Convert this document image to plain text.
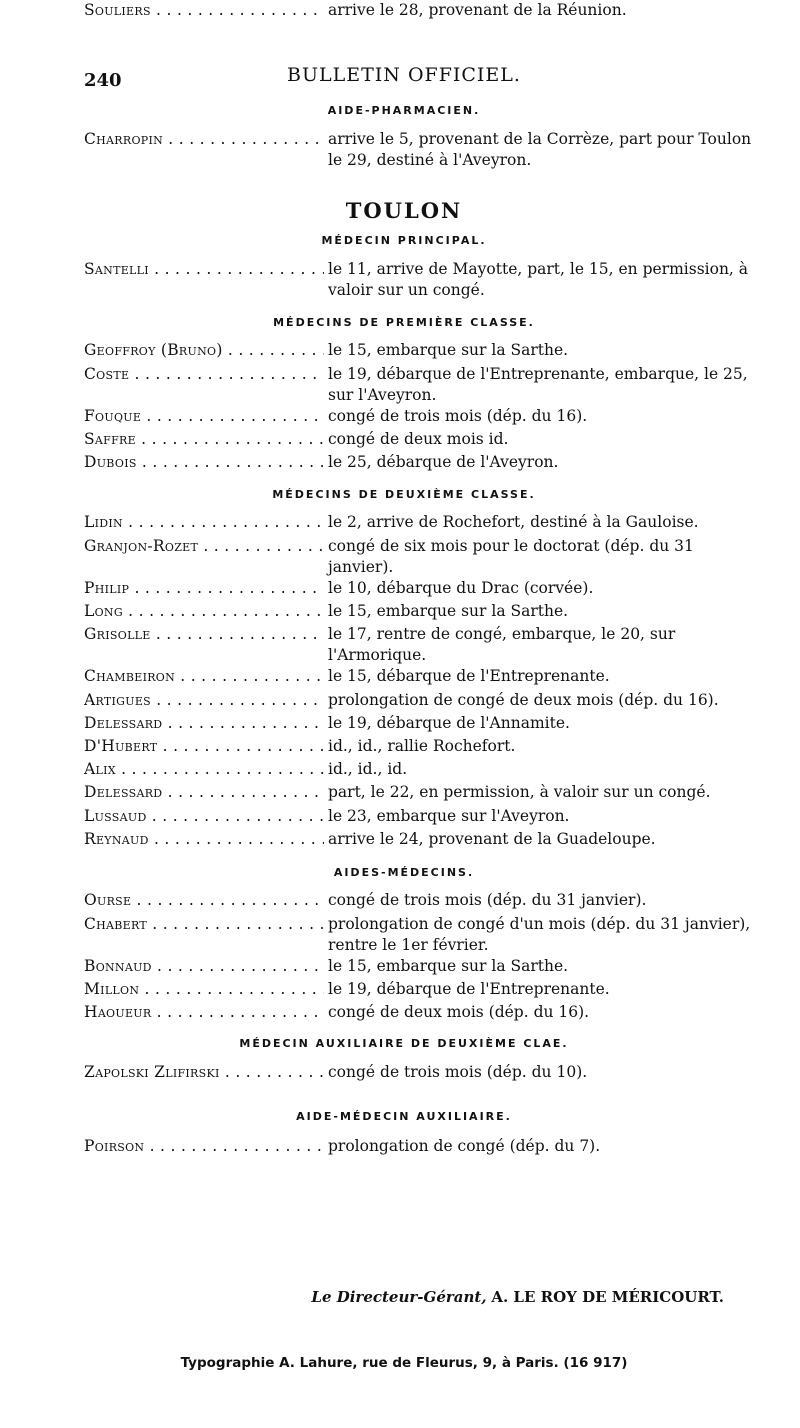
240	BULLETIN OFFICIEL.
AIDE-PHARMACIEN.
Charropin . . .	arrive le 5, provenant de la Corrèze, part pour Toulon le 29, destiné à l'Aveyron.
TOULON
MÉDECIN PRINCIPAL.
Santelli . . .	le 11, arrive de Mayotte, part, le 15, en permission, à valoir sur un congé.
MÉDECINS DE PREMIÈRE CLASSE.
Geoffroy (Bruno) . . .	le 15, embarque sur la Sarthe.
Coste . . .	le 19, débarque de l'Entreprenante, embarque, le 25, sur l'Aveyron.
Fouque . . .	congé de trois mois (dép. du 16).
Saffre . . .	congé de deux mois id.
Dubois . . .	le 25, débarque de l'Aveyron.
MÉDECINS DE DEUXIÈME CLASSE.
Lidin . . .	le 2, arrive de Rochefort, destiné à la Gauloise.
Granjon-Rozet . . .	congé de six mois pour le doctorat (dép. du 31 janvier).
Philip . . .	le 10, débarque du Drac (corvée).
Long . . .	le 15, embarque sur la Sarthe.
Grisolle . . .	le 17, rentre de congé, embarque, le 20, sur l'Armorique.
Chambeiron . . .	le 15, débarque de l'Entreprenante.
Artigues . . .	prolongation de congé de deux mois (dép. du 16).
Delessard . . .	le 19, débarque de l'Annamite.
D'Hubert . . .	id., id., rallie Rochefort.
Alix . . .	id., id., id.
Delessard . . .	part, le 22, en permission, à valoir sur un congé.
Lussaud . . .	le 23, embarque sur l'Aveyron.
Reynaud . . .	arrive le 24, provenant de la Guadeloupe.
Souliers . . .	arrive le 28, provenant de la Réunion.
AIDES-MÉDECINS.
Ourse . . .	congé de trois mois (dép. du 31 janvier).
Chabert . . .	prolongation de congé d'un mois (dép. du 31 janvier), rentre le 1er février.
Bonnaud . . .	le 15, embarque sur la Sarthe.
Millon . . .	le 19, débarque de l'Entreprenante.
Haoueur . . .	congé de deux mois (dép. du 16).
MÉDECIN AUXILIAIRE DE DEUXIÈME CLAE.
Zapolski Zlifirski . . .	congé de trois mois (dép. du 10).
AIDE-MÉDECIN AUXILIAIRE.
Poirson . . .	prolongation de congé (dép. du 7).
Le Directeur-Gérant, A. LE ROY DE MÉRICOURT.
Typographie A. Lahure, rue de Fleurus, 9, à Paris. (16 917)
